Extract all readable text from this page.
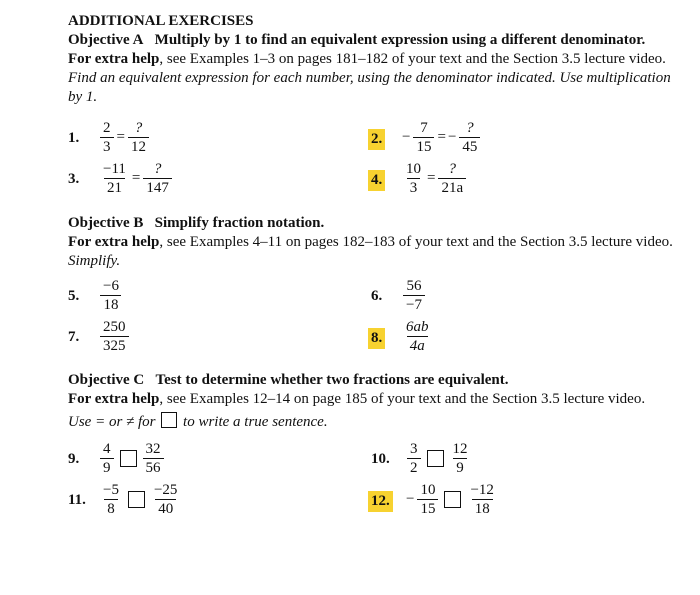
ADDITIONAL EXERCISES
Objective A Multiply by 1 to find an equivalent expression using a different denominator.
For extra help, see Examples 1–3 on pages 181–182 of your text and the Section 3.5 lecture video.
Find an equivalent expression for each number, using the denominator indicated. Use multiplication by 1.
1. $\frac{2}{3} = \frac{?}{12}$	2. − $\frac{7}{15}$ = − $\frac{?}{45}$
3. $\frac{-11}{21} = \frac{?}{147}$	4. $\frac{10}{3} = \frac{?}{21a}$
Objective B Simplify fraction notation.
For extra help, see Examples 4–11 on pages 182–183 of your text and the Section 3.5 lecture video.
Simplify.
5. $\frac{-6}{18}$	6. $\frac{56}{-7}$
7. $\frac{250}{325}$	8. $\frac{6ab}{4a}$
Objective C Test to determine whether two fractions are equivalent.
For extra help, see Examples 12–14 on page 185 of your text and the Section 3.5 lecture video.
Use = or ≠ for to write a true sentence.
9. $\frac{4}{9} \frac{32}{56}$	10. $\frac{3}{2} \frac{12}{9}$
11. $\frac{-5}{8} \frac{-25}{40}$	12. − $\frac{10}{15} \frac{-12}{18}$
